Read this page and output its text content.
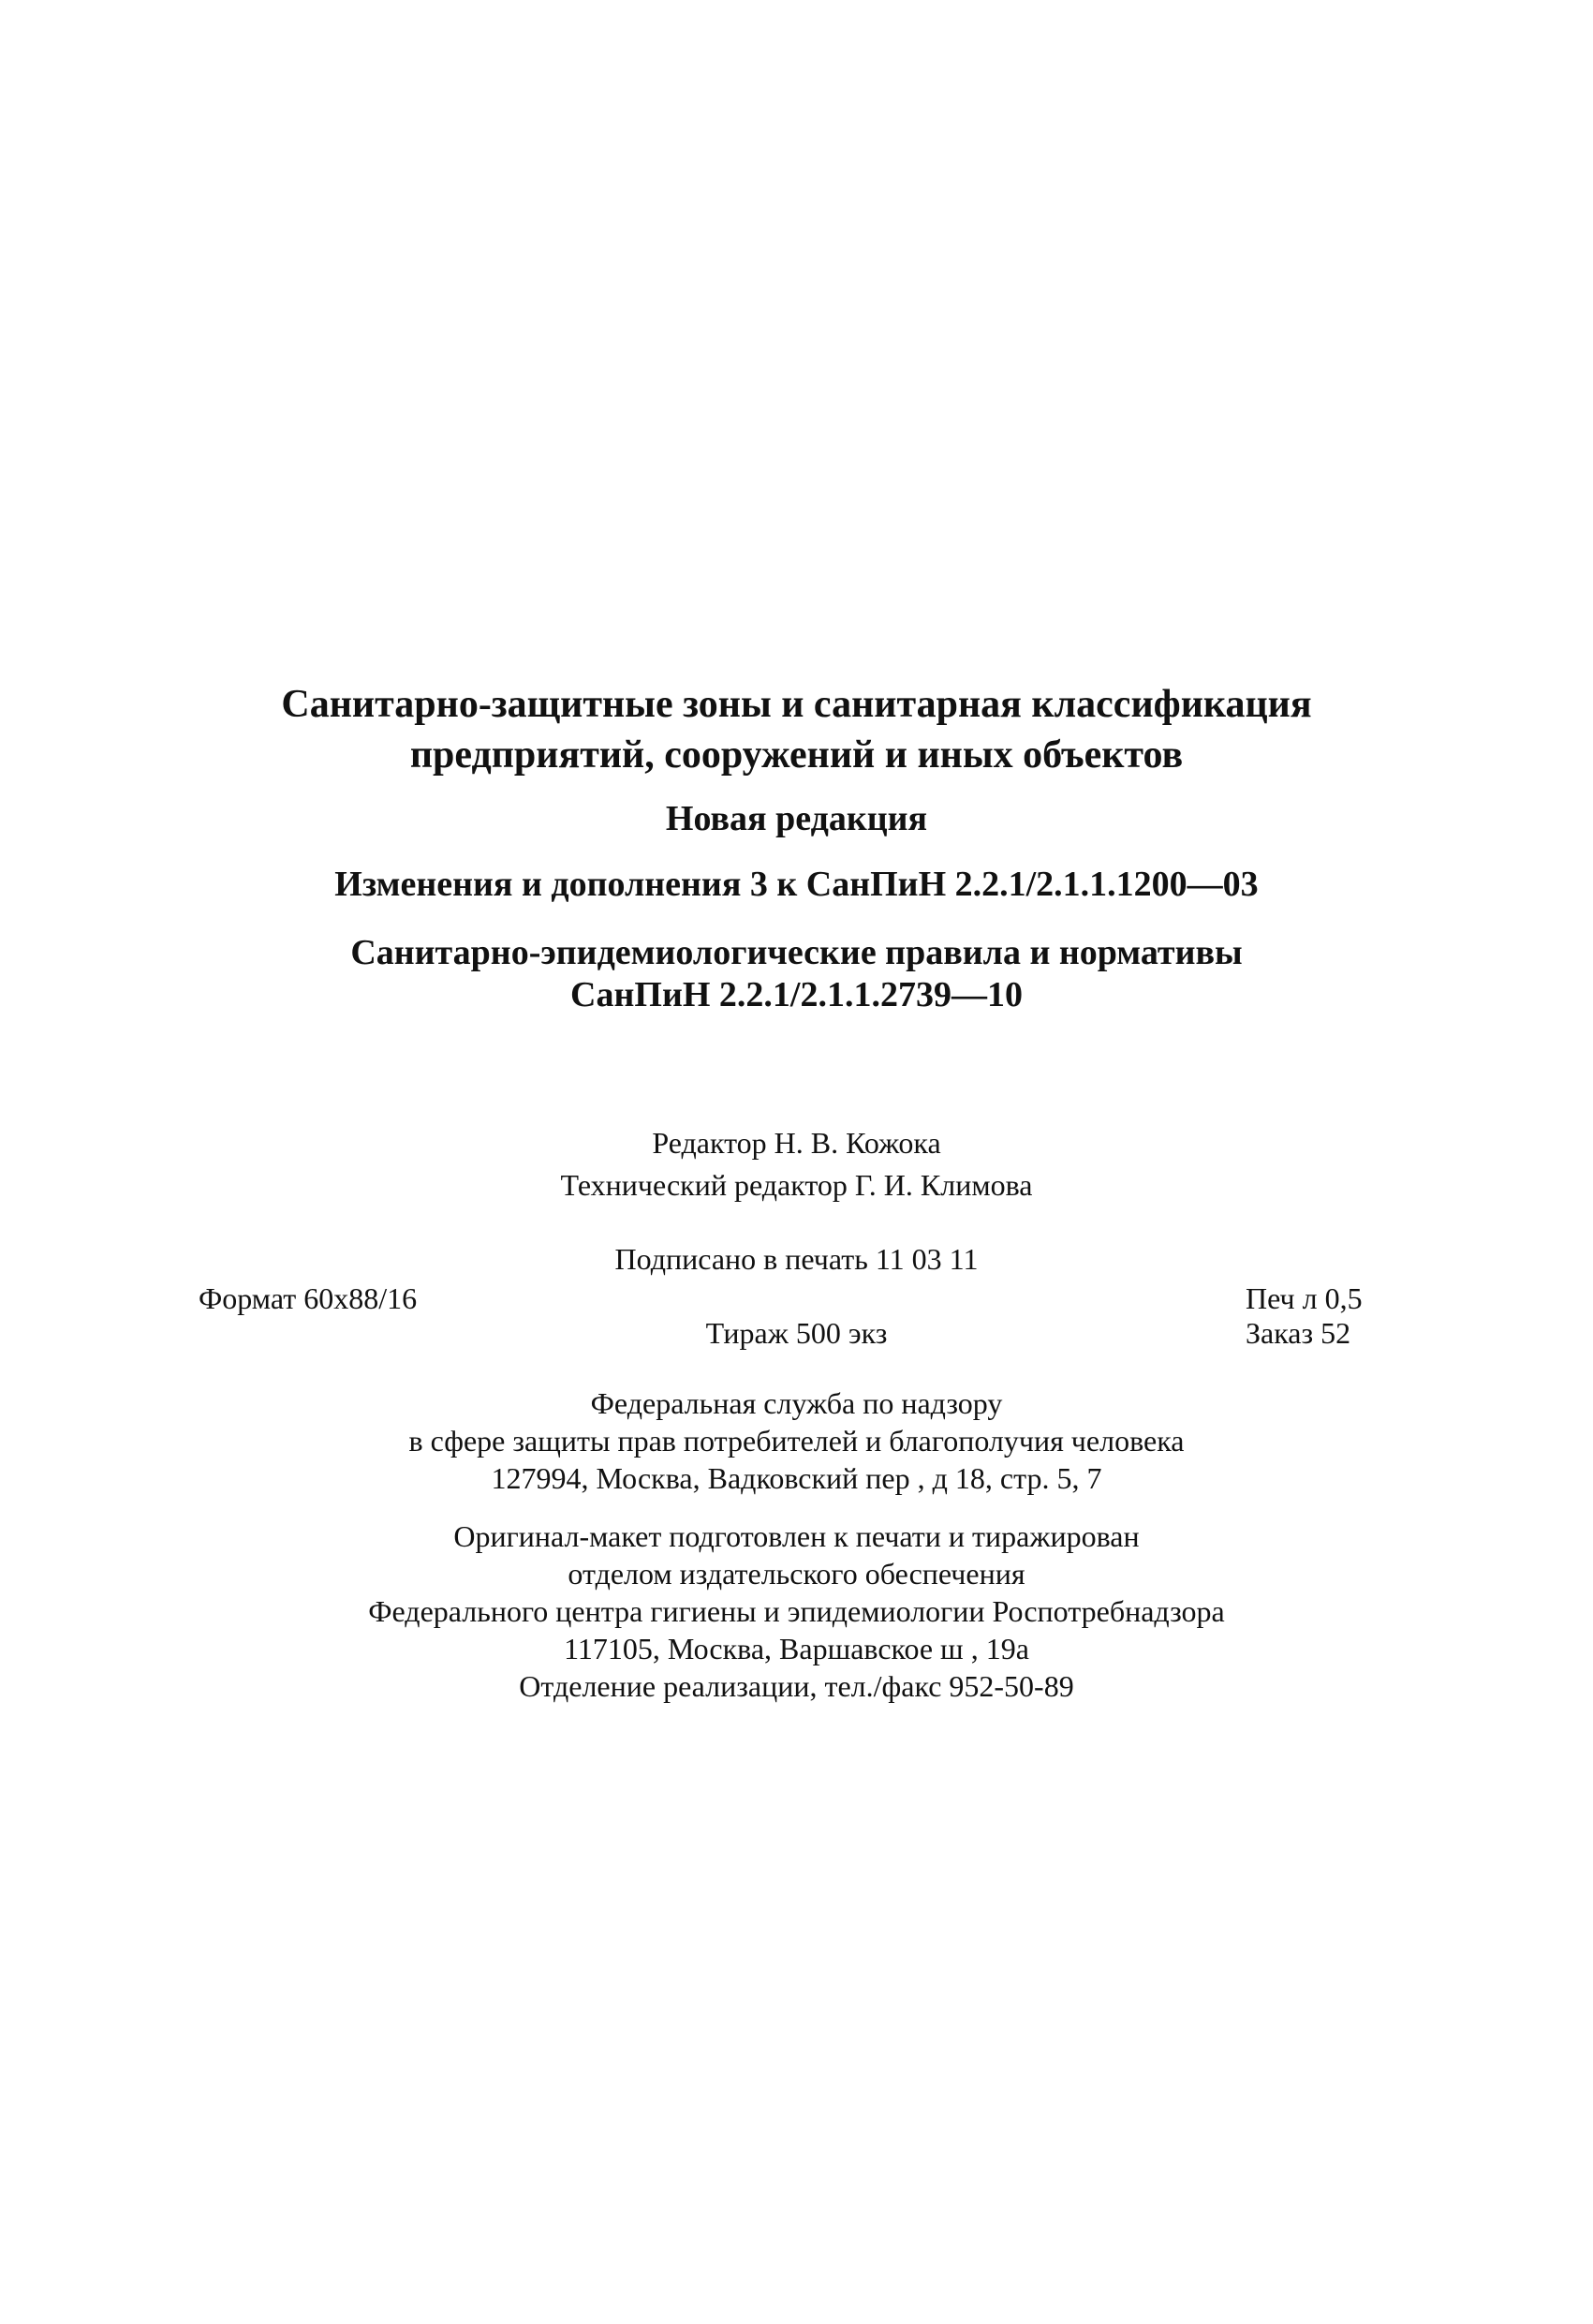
Санитарно-защитные зоны и санитарная классификация
предприятий, сооружений и иных объектов
Новая редакция
Изменения и дополнения 3 к СанПиН 2.2.1/2.1.1.1200—03
Санитарно-эпидемиологические правила и нормативы
СанПиН 2.2.1/2.1.1.2739—10
Редактор Н. В. Кожока
Технический редактор Г. И. Климова
Подписано в печать 11 03 11
Формат 60х88/16	Печ л 0,5
Тираж 500 экз	Заказ 52
Федеральная служба по надзору
в сфере защиты прав потребителей и благополучия человека
127994, Москва, Вадковский пер , д 18, стр. 5, 7
Оригинал-макет подготовлен к печати и тиражирован
отделом издательского обеспечения
Федерального центра гигиены и эпидемиологии Роспотребнадзора
117105, Москва, Варшавское ш , 19а
Отделение реализации, тел./факс 952-50-89
